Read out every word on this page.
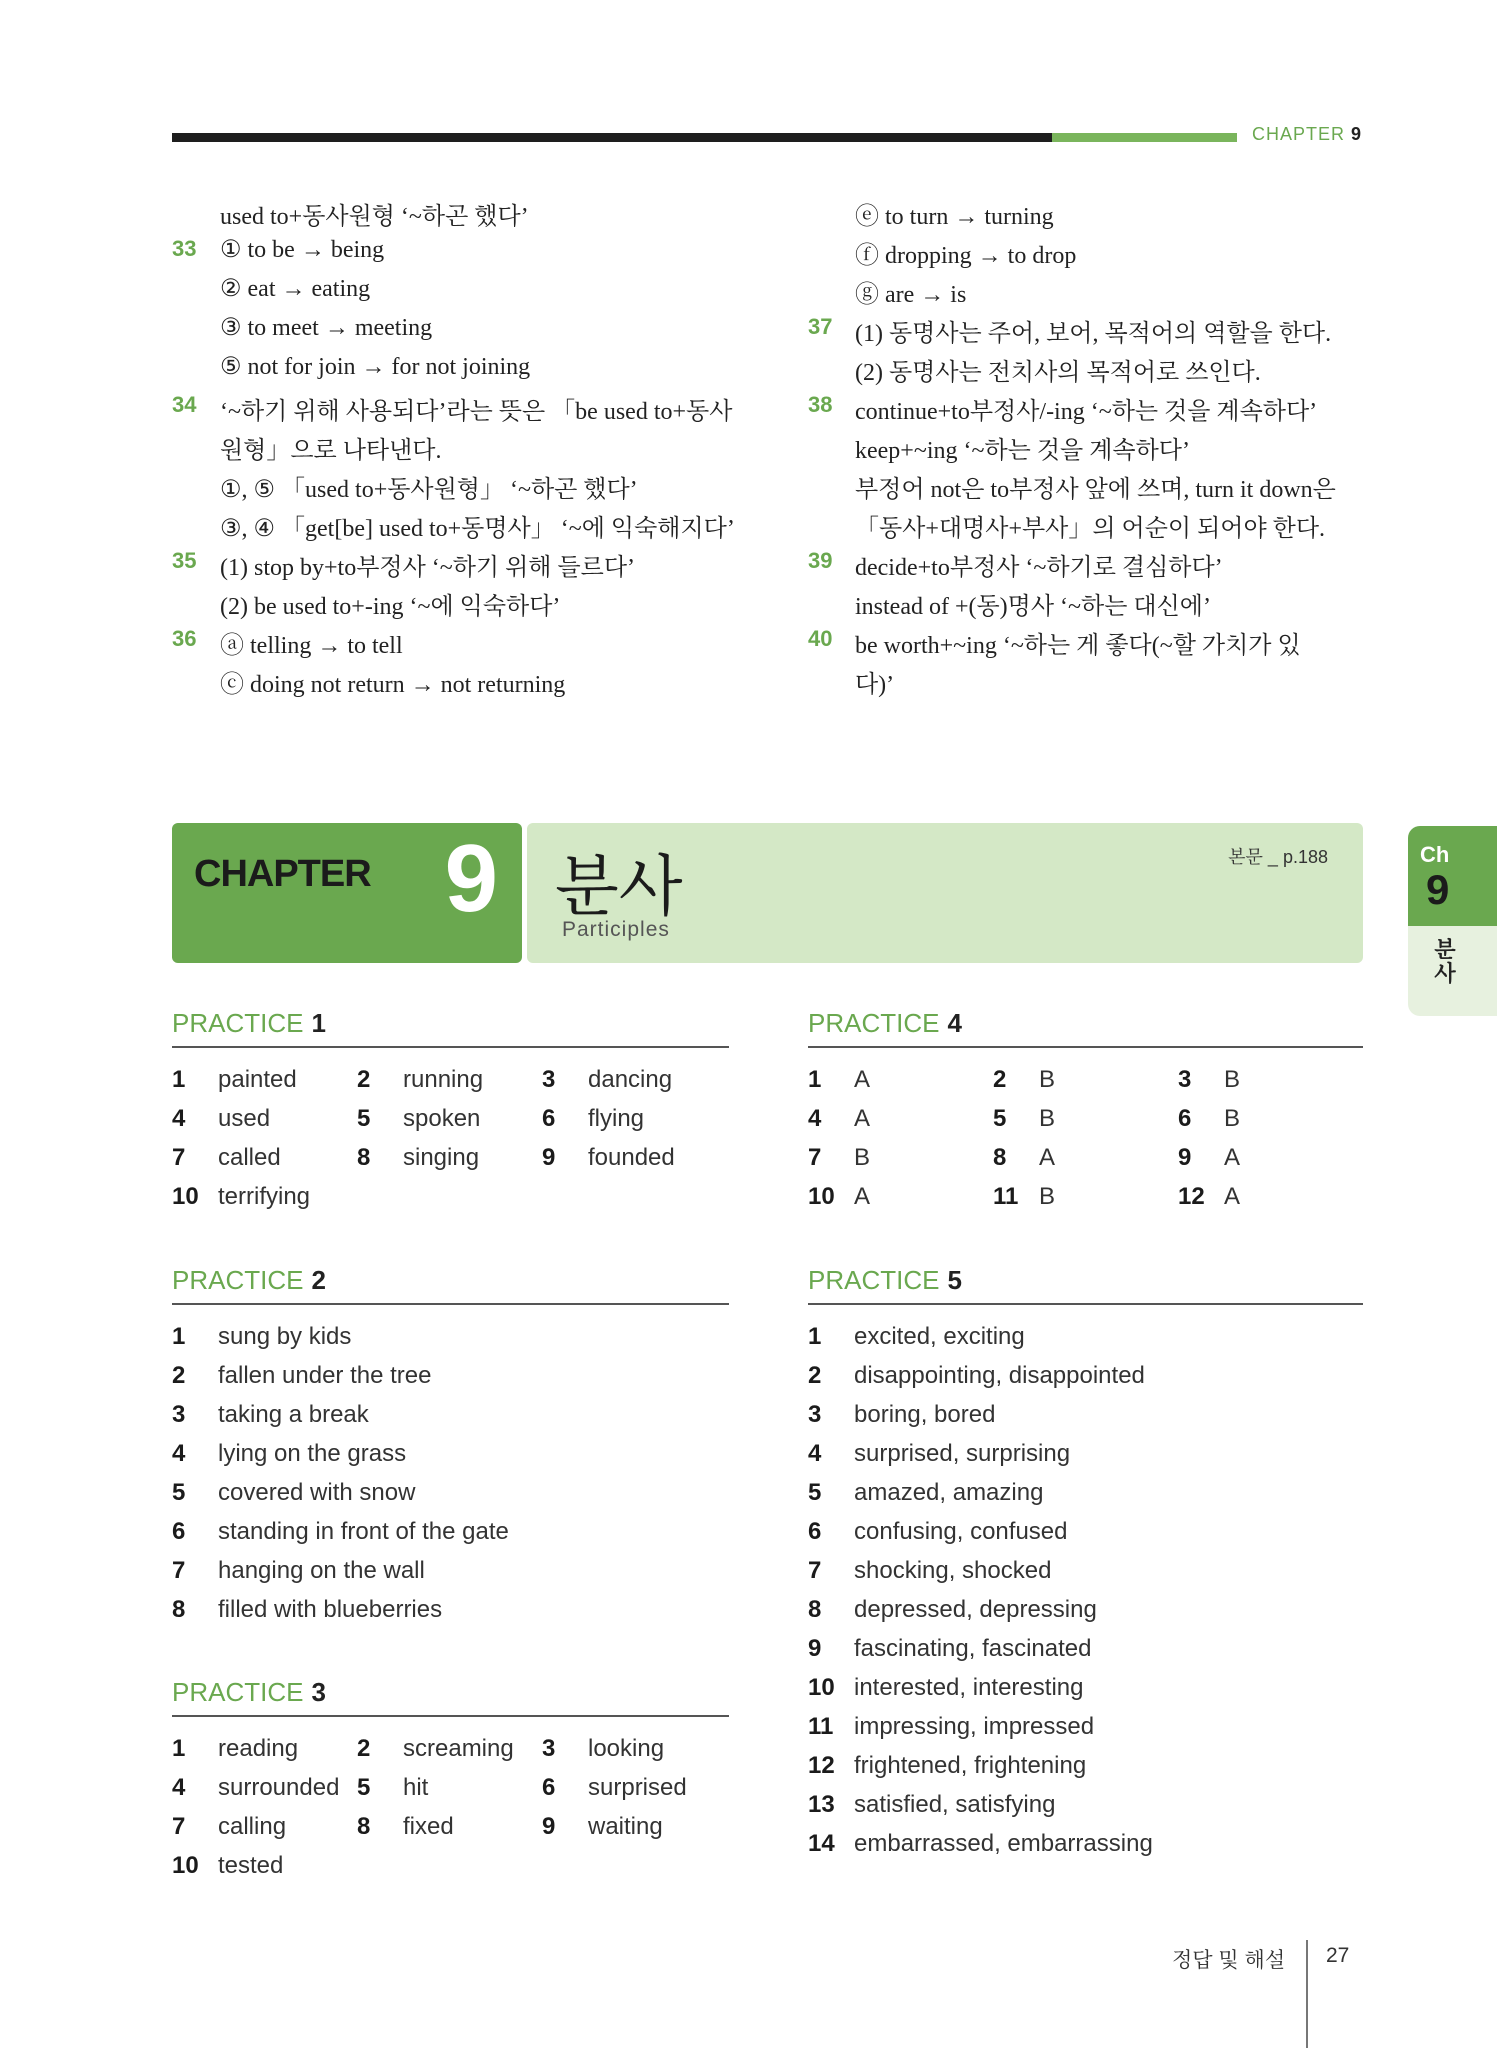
CHAPTER 9
used to+동사원형 ‘~하곤 했다’
33 ① to be → being
② eat → eating
③ to meet → meeting
⑤ not for join → for not joining
34 ‘~하기 위해 사용되다’라는 뜻은 「be used to+동사
원형」으로 나타낸다.
①, ⑤ 「used to+동사원형」 ‘~하곤 했다’
③, ④ 「get[be] used to+동명사」 ‘~에 익숙해지다’
35 (1) stop by+to부정사 ‘~하기 위해 들르다’
(2) be used to+-ing ‘~에 익숙하다’
36 ⓐ telling → to tell
ⓒ doing not return → not returning
ⓔ to turn → turning
ⓕ dropping → to drop
ⓖ are → is
37 (1) 동명사는 주어, 보어, 목적어의 역할을 한다.
(2) 동명사는 전치사의 목적어로 쓰인다.
38 continue+to부정사/-ing ‘~하는 것을 계속하다’
keep+~ing ‘~하는 것을 계속하다’
부정어 not은 to부정사 앞에 쓰며, turn it down은
「동사+대명사+부사」의 어순이 되어야 한다.
39 decide+to부정사 ‘~하기로 결심하다’
instead of +(동)명사 ‘~하는 대신에’
40 be worth+~ing ‘~하는 게 좋다(~할 가치가 있
다)’
CHAPTER 9 분사
Participles
본문 _ p.188	Ch
9
분사
PRACTICE 1
1 painted	2 running 3 dancing
4 used	5 spoken	6 flying
7 called	8 singing	9 founded
10 terrifying
PRACTICE 2
1 sung by kids
2 fallen under the tree
3 taking a break
4 lying on the grass
5 covered with snow
6 standing in front of the gate
7 hanging on the wall
8 filled with blueberries
PRACTICE 3
1 reading 2 screaming 3 looking
4 surrounded 5 hit	6 surprised
7 calling	8 fixed	9 waiting
10 tested
PRACTICE 4
1 A	2 B	3 B
4 A	5 B	6 B
7 B	8 A	9 A
10 A	11 B	12 A
PRACTICE 5
1 excited, exciting
2 disappointing, disappointed
3 boring, bored
4 surprised, surprising
5 amazed, amazing
6 confusing, confused
7 shocking, shocked
8 depressed, depressing
9 fascinating, fascinated
10 interested, interesting
11 impressing, impressed
12 frightened, frightening
13 satisfied, satisfying
14 embarrassed, embarrassing
정답 및 해설 27
